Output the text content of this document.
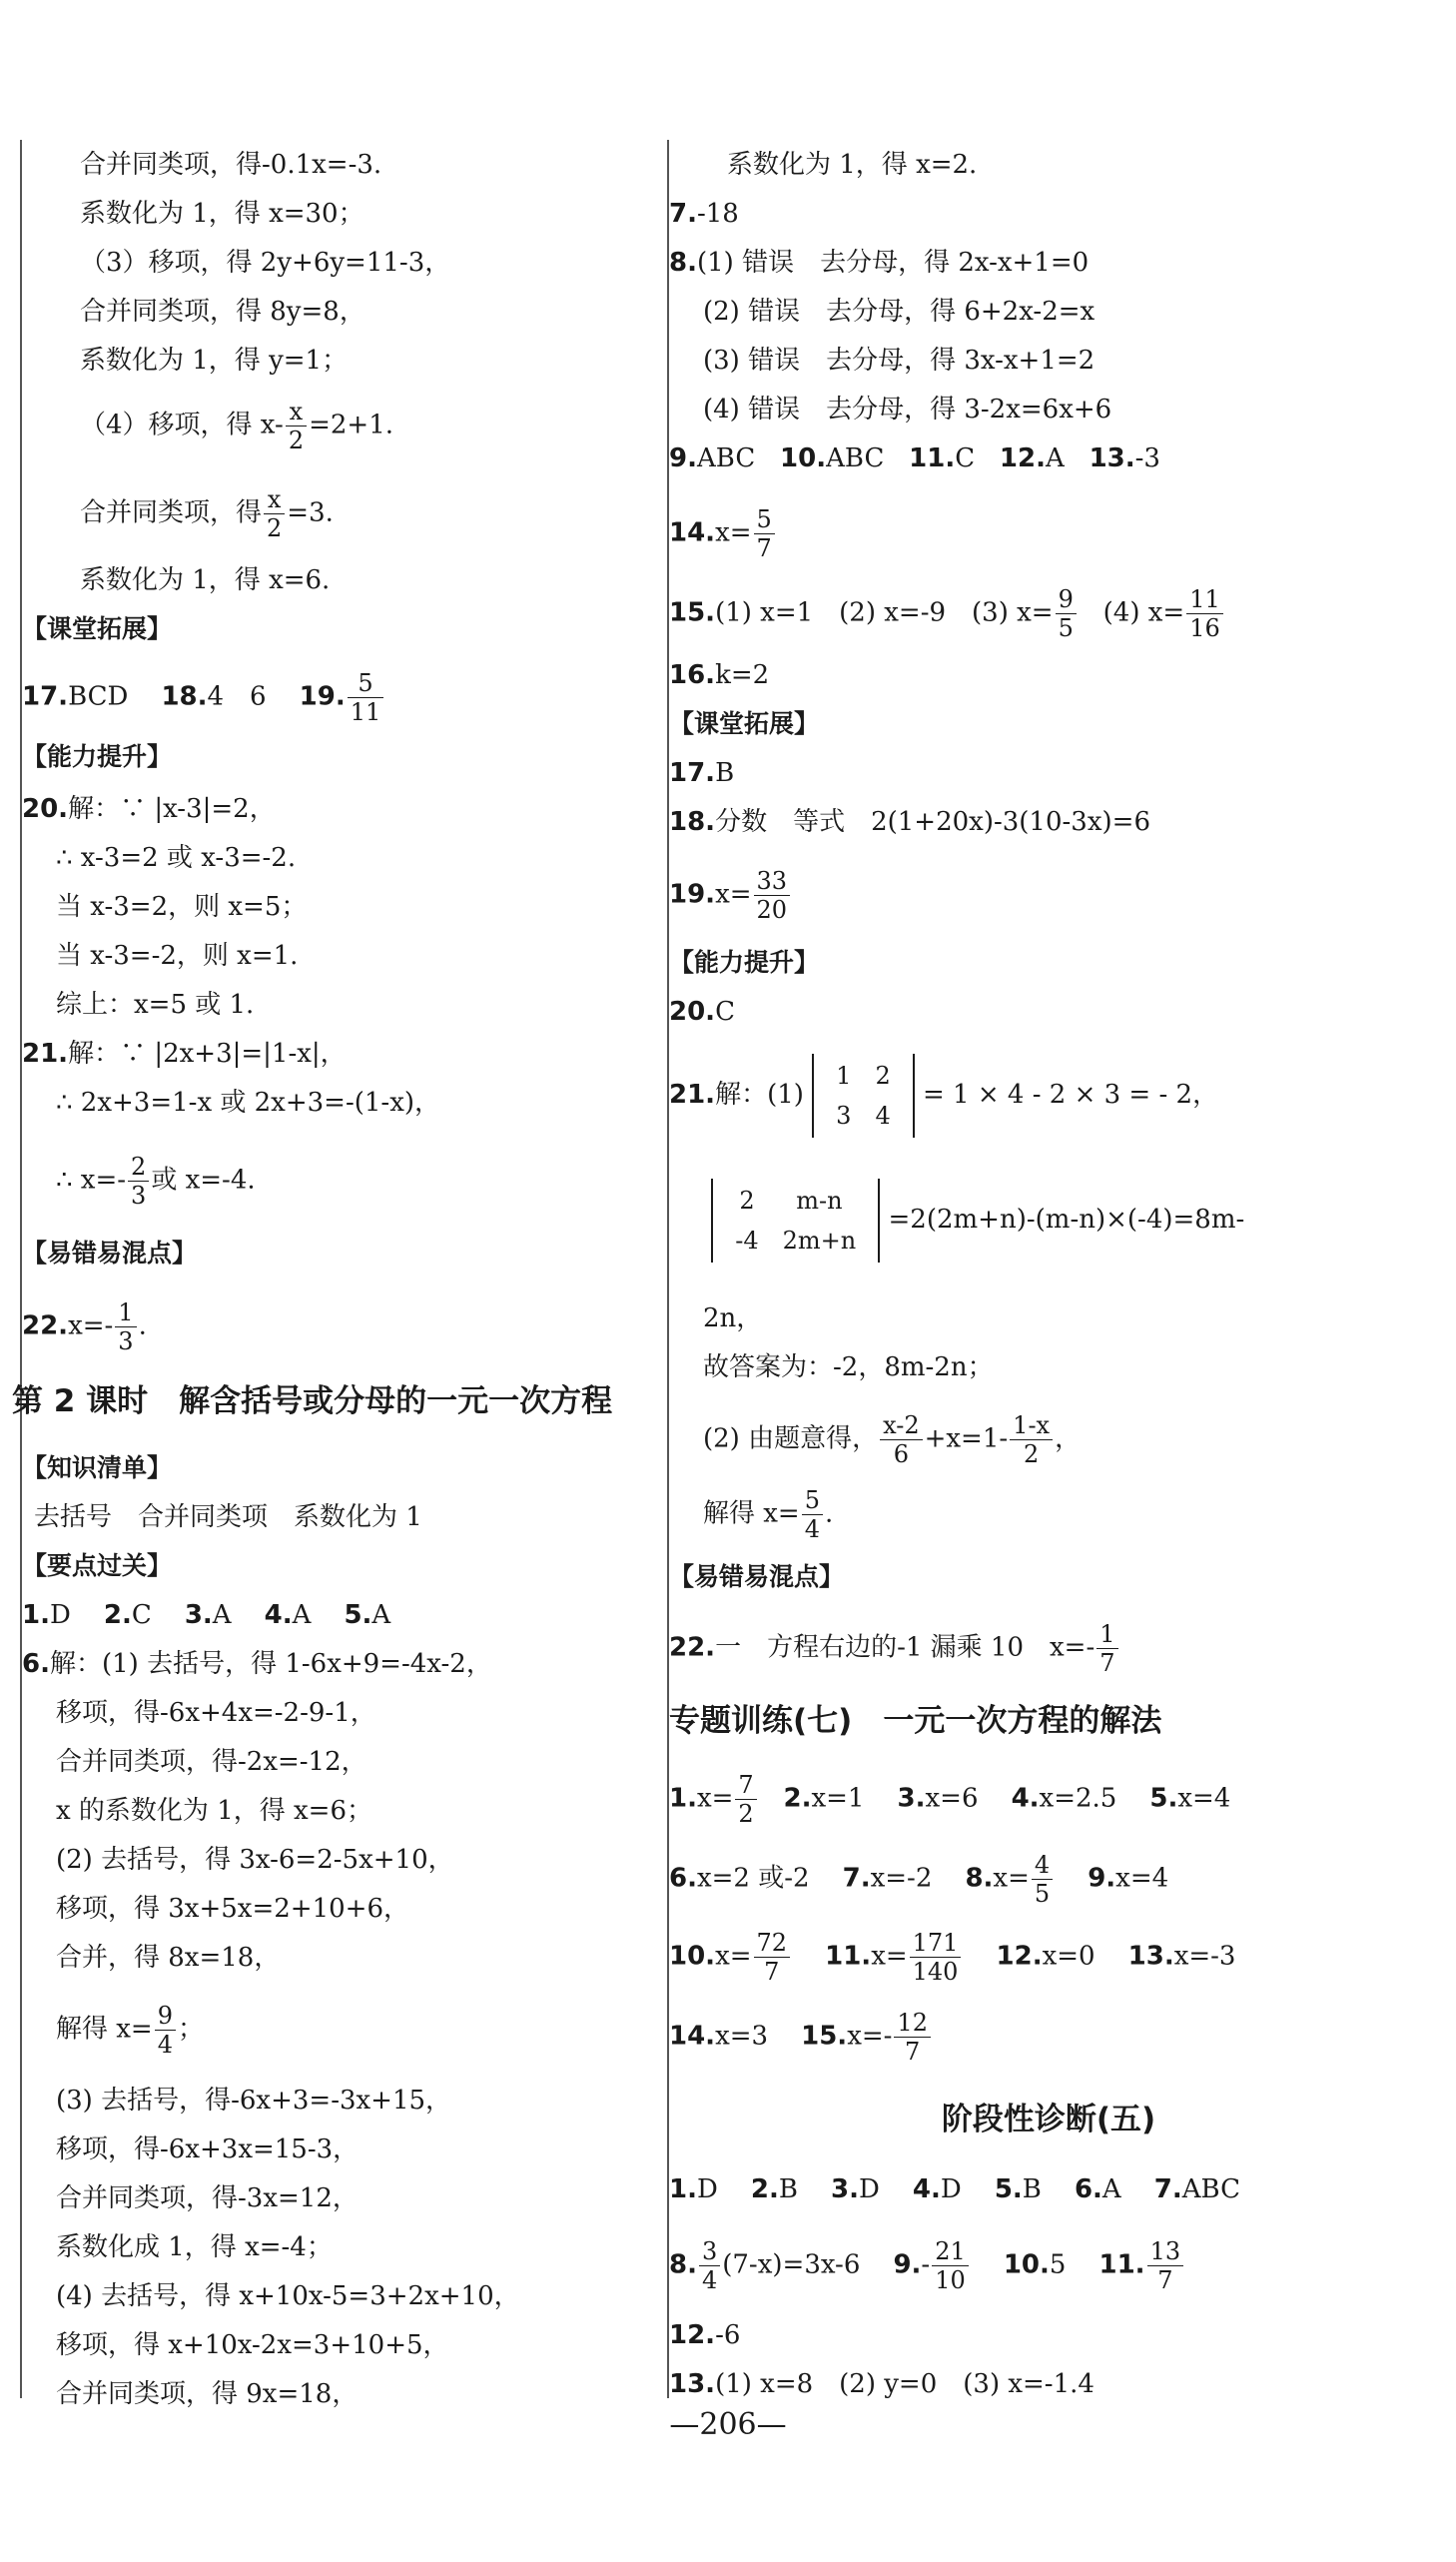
合并同类项，得-0.1x=-3.
系数化为 1，得 x=30；
（3）移项，得 2y+6y=11-3，
合并同类项，得 8y=8，
系数化为 1，得 y=1；
（4）移项，得 $x- \frac{x}{2} =2+1$.
合并同类项，得 $\frac{x}{2} =3$.
系数化为 1，得 x=6.
【课堂拓展】
17.BCD 18.4　6 19. $\frac{5}{11}$
【能力提升】
20.解：∵ |x-3|=2，
∴ x-3=2 或 x-3=-2.
当 x-3=2，则 x=5；
当 x-3=-2，则 x=1.
综上：x=5 或 1.
21.解：∵ |2x+3|=|1-x|，
∴ 2x+3=1-x 或 2x+3=-(1-x)，
∴ $x=- \frac{2}{3}$ 或 x=-4.
【易错易混点】
$22.x=- \frac{1}{3}$ .
第 2 课时　解含括号或分母的一元一次方程
【知识清单】
去括号　合并同类项　系数化为 1
【要点过关】
1.D 2.C 3.A 4.A 5.A
6.解：(1) 去括号，得 1-6x+9=-4x-2，
移项，得-6x+4x=-2-9-1，
合并同类项，得-2x=-12，
x 的系数化为 1，得 x=6；
(2) 去括号，得 3x-6=2-5x+10，
移项，得 3x+5x=2+10+6，
合并，得 8x=18，
解得 $x= \frac{9}{4}$ ；
(3) 去括号，得-6x+3=-3x+15，
移项，得-6x+3x=15-3，
合并同类项，得-3x=12，
系数化成 1，得 x=-4；
(4) 去括号，得 x+10x-5=3+2x+10，
移项，得 x+10x-2x=3+10+5，
合并同类项，得 9x=18，
系数化为 1，得 x=2.
7.-18
8.(1) 错误　去分母，得 2x-x+1=0
(2) 错误　去分母，得 6+2x-2=x
(3) 错误　去分母，得 3x-x+1=2
(4) 错误　去分母，得 3-2x=6x+6
9.ABC 10.ABC 11.C 12.A 13.-3
$14.x= \frac{5}{7}$
15.(1) x=1　(2) x=-9　(3) $x= \frac{9}{5} (4)$ $x= \frac{11}{16}$
16.k=2
【课堂拓展】
17.B
18.分数　等式　2(1+20x)-3(10-3x)=6
$19.x= \frac{33}{20}$
【能力提升】
20.C
21.解：(1)
1	2
3	4
= 1 × 4 - 2 × 3 = - 2，

2	m-n
-4	2m+n
=2(2m+n)-(m-n)×(-4)=8m-
2n，
故答案为：-2，8m-2n；
(2) 由题意得， $\frac{x-2}{6} +x=1- \frac{1-x}{2}$ ，
解得 $x= \frac{5}{4}$ .
【易错易混点】
22.一　方程右边的-1 漏乘 10　$x=- \frac{1}{7}$
专题训练(七)　一元一次方程的解法
$1.x= \frac{7}{2} 2.x=1$ 3.x=6 4.x=2.5 5.x=4
6.x=2 或-2 7.x=-2 $8.x= \frac{4}{5} 9.x=4$
$10.x= \frac{72}{7} 11.x= \frac{171}{140} 12.x=0$ 13.x=-3
14.x=3 $15.x=- \frac{12}{7}$
阶段性诊断(五)
1.D 2.B 3.D 4.D 5.B 6.A 7.ABC
8. $\frac{3}{4} (7-x)=3x-6$ $9.- \frac{21}{10} 10.5$ 11. $\frac{13}{7}$
12.-6
13.(1) x=8　(2) y=0　(3) x=-1.4
—206—
